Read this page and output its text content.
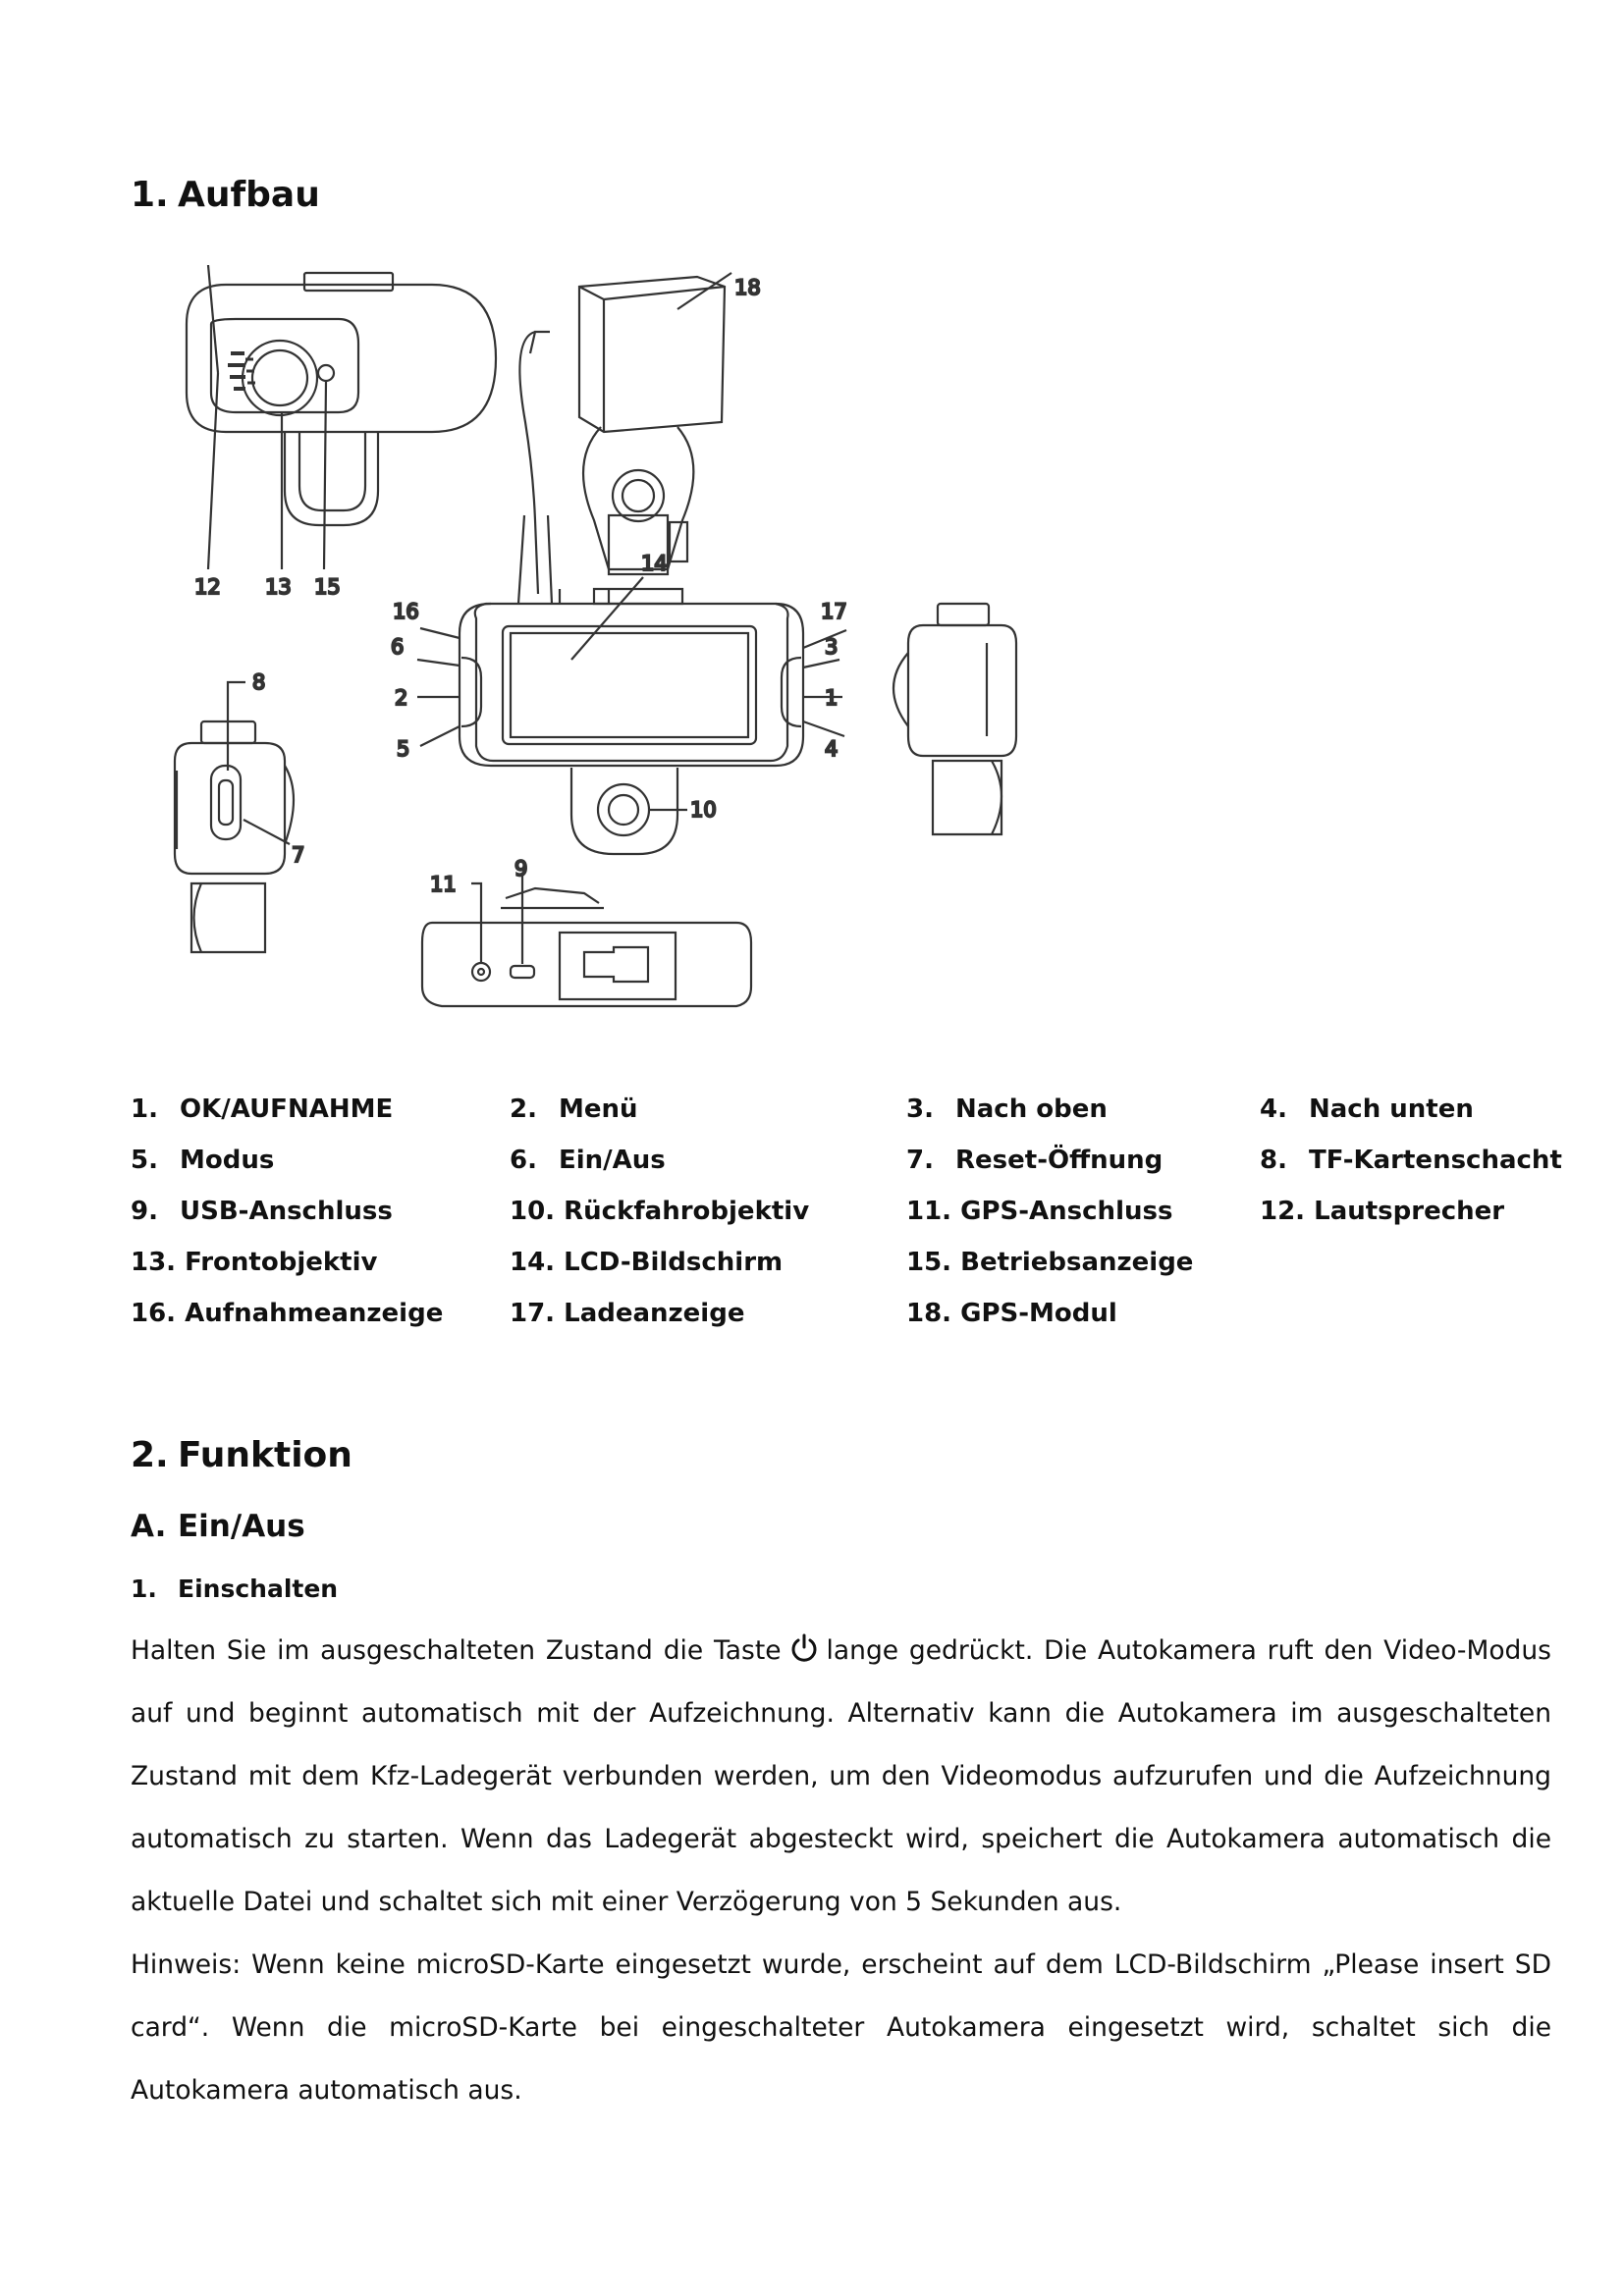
1. Aufbau
12 13 15
18
16
6
2
5
17
3
1
4
14
10
8
7
11
9
1. OK/AUFNAHME	2. Menü	3. Nach oben	4. Nach unten
5. Modus	6. Ein/Aus	7. Reset-Öffnung	8. TF-Kartenschacht
9. USB-Anschluss	10. Rückfahrobjektiv	11. GPS-Anschluss	12. Lautsprecher
13. Frontobjektiv	14. LCD-Bildschirm	15. Betriebsanzeige
16. Aufnahmeanzeige	17. Ladeanzeige	18. GPS-Modul
2. Funktion
A. Ein/Aus
1. Einschalten

Halten Sie im ausgeschalteten Zustand die Taste lange gedrückt. Die Autokamera ruft den Video-Modus auf und beginnt automatisch mit der Aufzeichnung. Alternativ kann die Autokamera im ausgeschalteten Zustand mit dem Kfz-Ladegerät verbunden werden, um den Videomodus aufzurufen und die Aufzeichnung automatisch zu starten. Wenn das Ladegerät abgesteckt wird, speichert die Autokamera automatisch die aktuelle Datei und schaltet sich mit einer Verzögerung von 5 Sekunden aus.

Hinweis: Wenn keine microSD-Karte eingesetzt wurde, erscheint auf dem LCD-Bildschirm „Please insert SD card“. Wenn die microSD-Karte bei eingeschalteter Autokamera eingesetzt wird, schaltet sich die Autokamera automatisch aus.
